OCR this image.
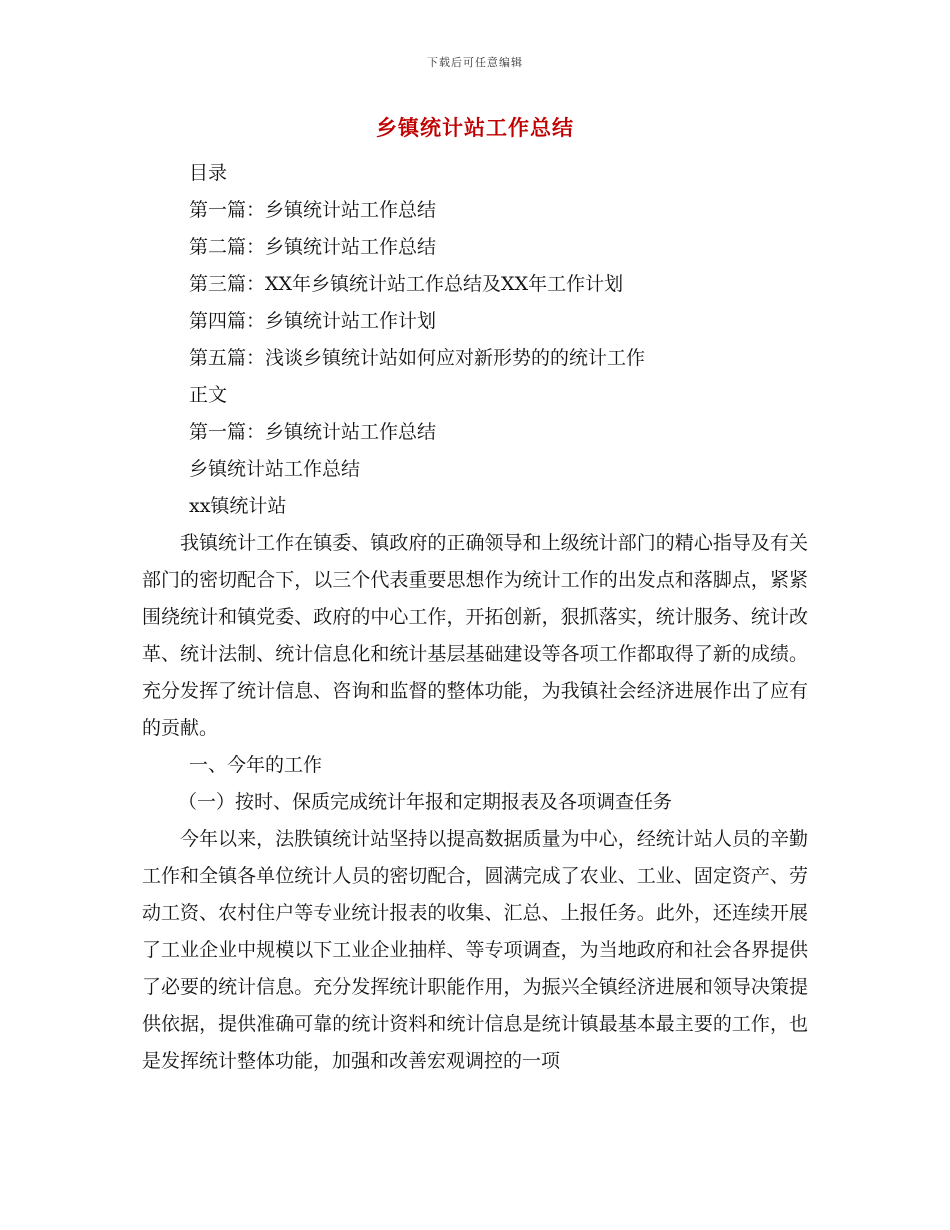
下载后可任意编辑
乡镇统计站工作总结
目录
第一篇：乡镇统计站工作总结
第二篇：乡镇统计站工作总结
第三篇：XX年乡镇统计站工作总结及XX年工作计划
第四篇：乡镇统计站工作计划
第五篇：浅谈乡镇统计站如何应对新形势的的统计工作
正文
第一篇：乡镇统计站工作总结
乡镇统计站工作总结
xx镇统计站

我镇统计工作在镇委、镇政府的正确领导和上级统计部门的精心指导及有关部门的密切配合下，以三个代表重要思想作为统计工作的出发点和落脚点，紧紧围绕统计和镇党委、政府的中心工作，开拓创新，狠抓落实，统计服务、统计改革、统计法制、统计信息化和统计基层基础建设等各项工作都取得了新的成绩。充分发挥了统计信息、咨询和监督的整体功能，为我镇社会经济进展作出了应有的贡献。

一、今年的工作
（一）按时、保质完成统计年报和定期报表及各项调查任务

今年以来，法胅镇统计站坚持以提高数据质量为中心，经统计站人员的辛勤工作和全镇各单位统计人员的密切配合，圆满完成了农业、工业、固定资产、劳动工资、农村住户等专业统计报表的收集、汇总、上报任务。此外，还连续开展了工业企业中规模以下工业企业抽样、等专项调查，为当地政府和社会各界提供了必要的统计信息。充分发挥统计职能作用，为振兴全镇经济进展和领导决策提供依据，提供准确可靠的统计资料和统计信息是统计镇最基本最主要的工作，也是发挥统计整体功能，加强和改善宏观调控的一项
